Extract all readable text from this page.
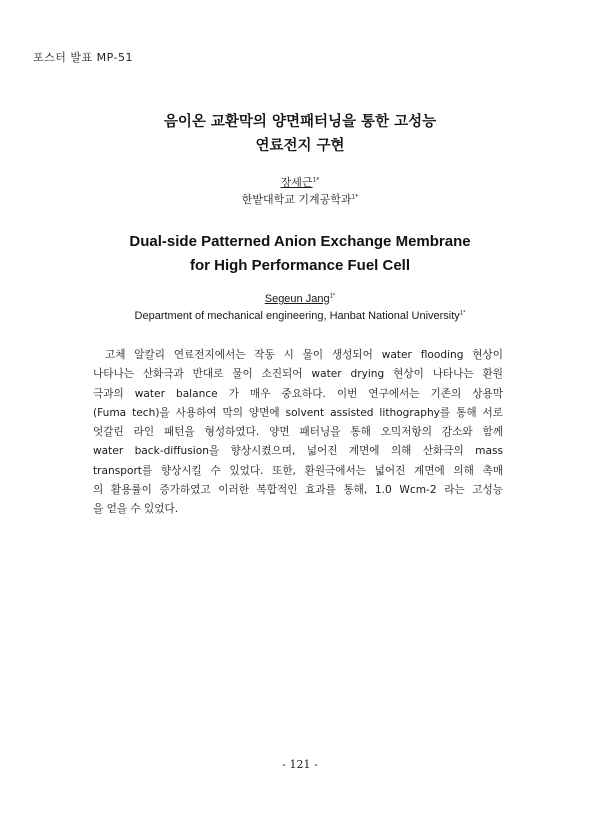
포스터 발표 MP-51
음이온 교환막의 양면패터닝을 통한 고성능
연료전지 구현
장세근$^{1*}$
한밭대학교 기계공학과$^{1*}$
Dual-side Patterned Anion Exchange Membrane
for High Performance Fuel Cell
Segeun Jang$^{1*}$
Department of mechanical engineering, Hanbat National University$^{1*}$
고체 알칼리 연료전지에서는 작동 시 물이 생성되어 water flooding 현상이
나타나는 산화극과 반대로 물이 소진되어 water drying 현상이 나타나는 환원
극과의 water balance 가 매우 중요하다. 이번 연구에서는 기존의 상용막
(Fuma tech)을 사용하여 막의 양면에 solvent assisted lithography를 통해 서로
엇갈린 라인 패턴을 형성하였다. 양면 패터닝을 통해 오믹저항의 감소와 함께
water back-diffusion을 향상시켰으며, 넓어진 계면에 의해 산화극의 mass
transport를 향상시킬 수 있었다. 또한, 환원극에서는 넓어진 계면에 의해 촉매
의 활용률이 증가하였고 이러한 복합적인 효과를 통해, 1.0 Wcm-2 라는 고성능
을 얻을 수 있었다.
- 121 -
